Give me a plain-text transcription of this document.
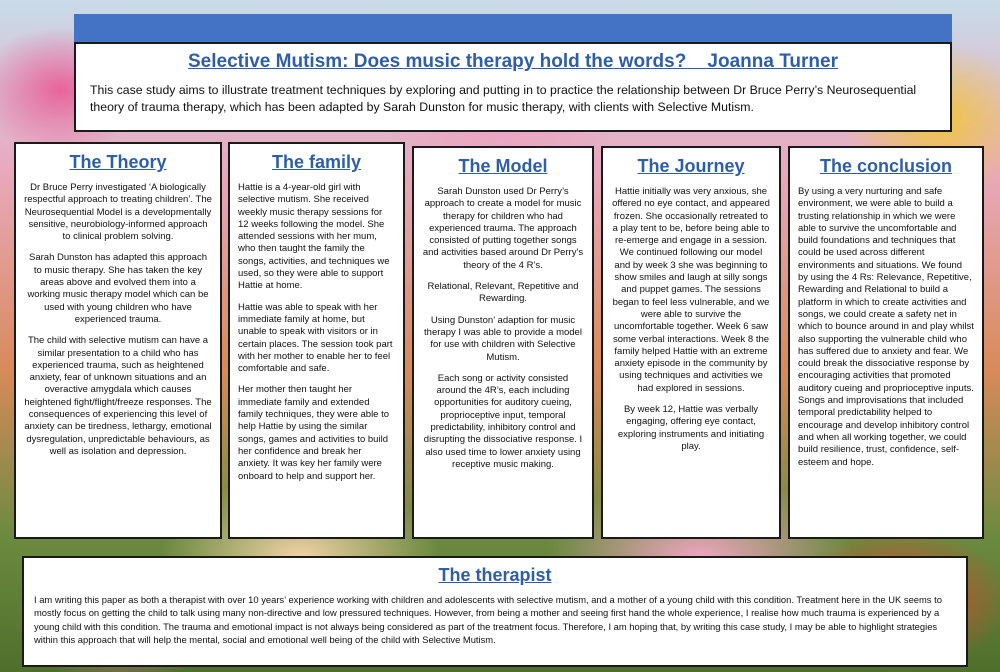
Selective Mutism: Does music therapy hold the words?    Joanna Turner

This case study aims to illustrate treatment techniques by exploring and putting in to practice the relationship between Dr Bruce Perry’s Neurosequential theory of trauma therapy, which has been adapted by Sarah Dunston for music therapy, with clients with Selective Mutism.

The Theory

Dr Bruce Perry investigated ‘A biologically respectful approach to treating children’. The Neurosequential Model is a developmentally sensitive, neurobiology-informed approach to clinical problem solving.

Sarah Dunston has adapted this approach to music therapy. She has taken the key areas above and evolved them into a working music therapy model which can be used with young children who have experienced trauma.

The child with selective mutism can have a similar presentation to a child who has experienced trauma, such as heightened anxiety, fear of unknown situations and an overactive amygdala which causes heightened fight/flight/freeze responses. The consequences of experiencing this level of anxiety can be tiredness, lethargy, emotional dysregulation, unpredictable behaviours, as well as isolation and depression.

The family

Hattie is a 4-year-old girl with selective mutism. She received weekly music therapy sessions for 12 weeks following the model. She attended sessions with her mum, who then taught the family the songs, activities, and techniques we used, so they were able to support Hattie at home.

Hattie was able to speak with her immediate family at home, but unable to speak with visitors or in certain places. The session took part with her mother to enable her to feel comfortable and safe.

Her mother then taught her immediate family and extended family techniques, they were able to help Hattie by using the similar songs, games and activities to build her confidence and break her anxiety. It was key her family were onboard to help and support her.

The Model

Sarah Dunston used Dr Perry’s approach to create a model for music therapy for children who had experienced trauma. The approach consisted of putting together songs and activities based around Dr Perry’s theory of the 4 R’s.

Relational, Relevant, Repetitive and Rewarding.

Using Dunston’ adaption for music therapy I was able to provide a model for use with children with Selective Mutism.

Each song or activity consisted around the 4R’s, each including opportunities for auditory cueing, proprioceptive input, temporal predictability, inhibitory control and disrupting the dissociative response. I also used time to lower anxiety using receptive music making.

The Journey

Hattie initially was very anxious, she offered no eye contact, and appeared frozen. She occasionally retreated to a play tent to be, before being able to re-emerge and engage in a session. We continued following our model and by week 3 she was beginning to show smiles and laugh at silly songs and puppet games. The sessions began to feel less vulnerable, and we were able to survive the uncomfortable together. Week 6 saw some verbal interactions. Week 8 the family helped Hattie with an extreme anxiety episode in the community by using techniques and activities we had explored in sessions.

By week 12, Hattie was verbally engaging, offering eye contact, exploring instruments and initiating play.

The conclusion

By using a very nurturing and safe environment, we were able to build a trusting relationship in which we were able to survive the uncomfortable and build foundations and techniques that could be used across different environments and situations. We found by using the 4 Rs: Relevance, Repetitive, Rewarding and Relational to build a platform in which to create activities and songs, we could create a safety net in which to bounce around in and play whilst also supporting the vulnerable child who has suffered due to anxiety and fear. We could break the dissociative response by encouraging activities that promoted auditory cueing and proprioceptive inputs. Songs and improvisations that included temporal predictability helped to encourage and develop inhibitory control and when all working together, we could build resilience, trust, confidence, self-esteem and hope.

The therapist

I am writing this paper as both a therapist with over 10 years’ experience working with children and adolescents with selective mutism, and a mother of a young child with this condition. Treatment here in the UK seems to mostly focus on getting the child to talk using many non-directive and low pressured techniques. However, from being a mother and seeing first hand the whole experience, I realise how much trauma is experienced by a young child with this condition. The trauma and emotional impact is not always being considered as part of the treatment focus. Therefore, I am hoping that, by writing this case study, I may be able to highlight strategies within this approach that will help the mental, social and emotional well being of the child with Selective Mutism.
